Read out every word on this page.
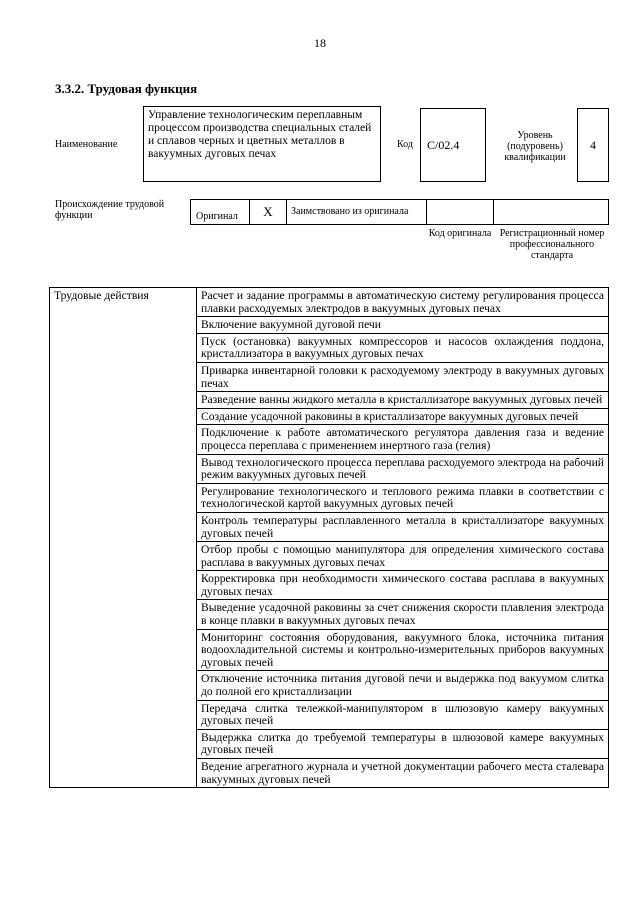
18
3.3.2. Трудовая функция
Наименование
Управление технологическим переплавным процессом производства специальных сталей и сплавов черных и цветных металлов в вакуумных дуговых печах
Код C/02.4
Уровень (подуровень) квалификации
4
Происхождение трудовой функции	Оригинал	X	Заимствовано из оригинала
Код оригинала Регистрационный номер профессионального стандарта
Трудовые действия	Расчет и задание программы в автоматическую систему регулирования процесса плавки расходуемых электродов в вакуумных дуговых печах
Включение вакуумной дуговой печи
Пуск (остановка) вакуумных компрессоров и насосов охлаждения поддона, кристаллизатора в вакуумных дуговых печах
Приварка инвентарной головки к расходуемому электроду в вакуумных дуговых печах
Разведение ванны жидкого металла в кристаллизаторе вакуумных дуговых печей
Создание усадочной раковины в кристаллизаторе вакуумных дуговых печей
Подключение к работе автоматического регулятора давления газа и ведение процесса переплава с применением инертного газа (гелия)
Вывод технологического процесса переплава расходуемого электрода на рабочий режим вакуумных дуговых печей
Регулирование технологического и теплового режима плавки в соответствии с технологической картой вакуумных дуговых печей
Контроль температуры расплавленного металла в кристаллизаторе вакуумных дуговых печей
Отбор пробы с помощью манипулятора для определения химического состава расплава в вакуумных дуговых печах
Корректировка при необходимости химического состава расплава в вакуумных дуговых печах
Выведение усадочной раковины за счет снижения скорости плавления электрода в конце плавки в вакуумных дуговых печах
Мониторинг состояния оборудования, вакуумного блока, источника питания водоохладительной системы и контрольно-измерительных приборов вакуумных дуговых печей
Отключение источника питания дуговой печи и выдержка под вакуумом слитка до полной его кристаллизации
Передача слитка тележкой-манипулятором в шлюзовую камеру вакуумных дуговых печей
Выдержка слитка до требуемой температуры в шлюзовой камере вакуумных дуговых печей
Ведение агрегатного журнала и учетной документации рабочего места сталевара вакуумных дуговых печей
